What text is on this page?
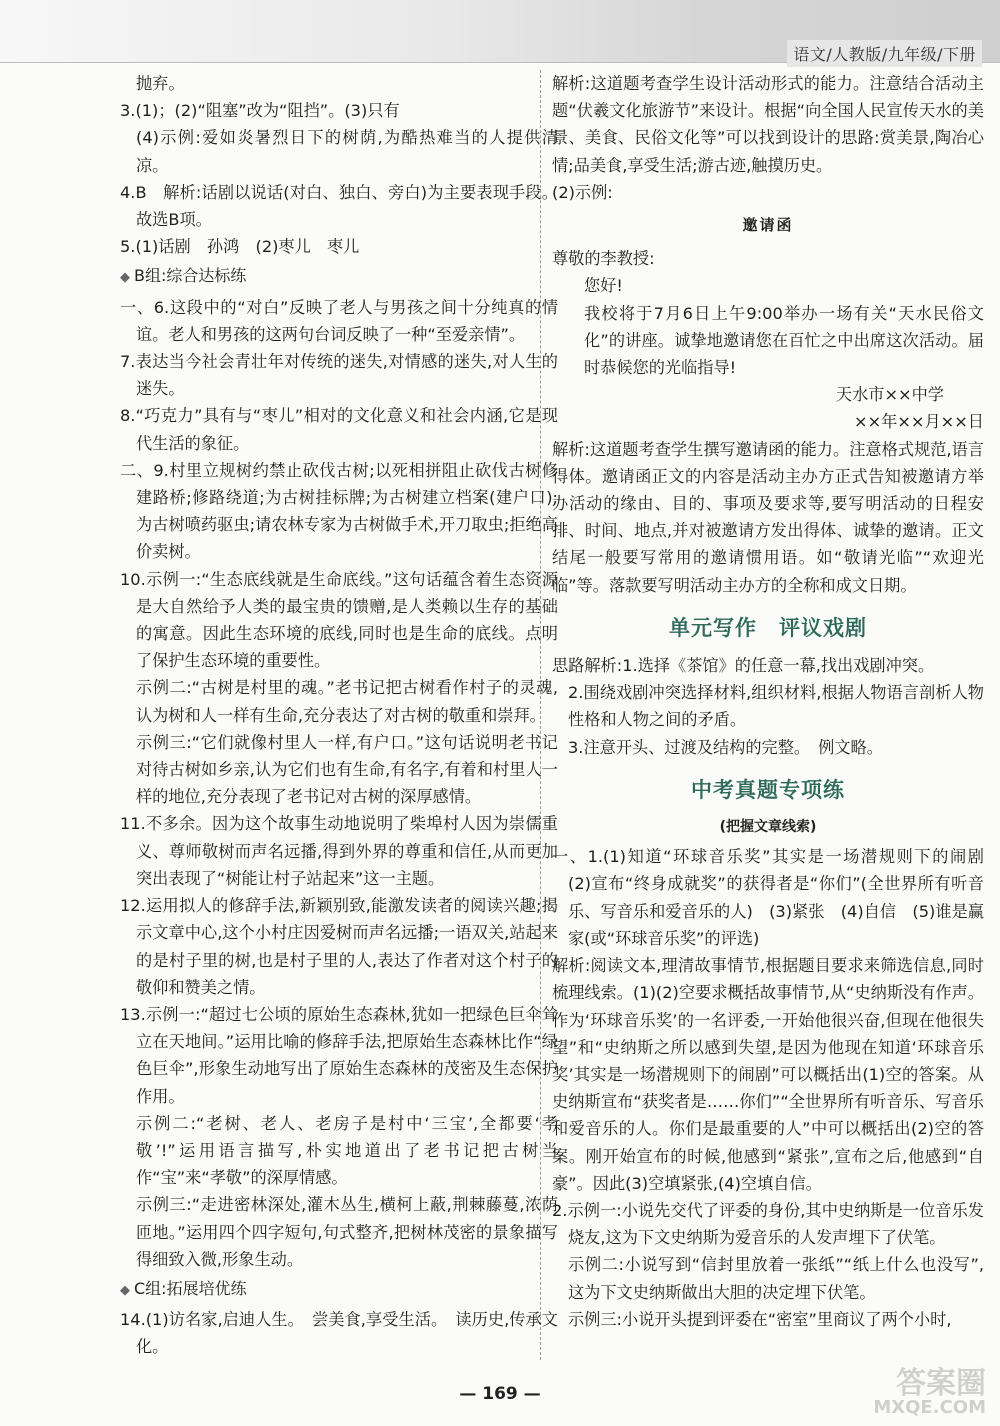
语文/人教版/九年级/下册

抛弃。

3.(1)；(2)“阻塞”改为“阻挡”。(3)只有

(4)示例:爱如炎暑烈日下的树荫,为酷热难当的人提供清凉。

4.B　解析:话剧以说话(对白、独白、旁白)为主要表现手段。故选B项。

5.(1)话剧　孙鸿　(2)枣儿　枣儿

◆ B组:综合达标练

一、6.这段中的“对白”反映了老人与男孩之间十分纯真的情谊。老人和男孩的这两句台词反映了一种“至爱亲情”。

7.表达当今社会青壮年对传统的迷失,对情感的迷失,对人生的迷失。

8.“巧克力”具有与“枣儿”相对的文化意义和社会内涵,它是现代生活的象征。

二、9.村里立规树约禁止砍伐古树;以死相拼阻止砍伐古树修建路桥;修路绕道;为古树挂标牌;为古树建立档案(建户口);为古树喷药驱虫;请农林专家为古树做手术,开刀取虫;拒绝高价卖树。

10.示例一:“生态底线就是生命底线。”这句话蕴含着生态资源是大自然给予人类的最宝贵的馈赠,是人类赖以生存的基础的寓意。因此生态环境的底线,同时也是生命的底线。点明了保护生态环境的重要性。

示例二:“古树是村里的魂。”老书记把古树看作村子的灵魂,认为树和人一样有生命,充分表达了对古树的敬重和崇拜。

示例三:“它们就像村里人一样,有户口。”这句话说明老书记对待古树如乡亲,认为它们也有生命,有名字,有着和村里人一样的地位,充分表现了老书记对古树的深厚感情。

11.不多余。因为这个故事生动地说明了柴埠村人因为崇儒重义、尊师敬树而声名远播,得到外界的尊重和信任,从而更加突出表现了“树能让村子站起来”这一主题。

12.运用拟人的修辞手法,新颖别致,能激发读者的阅读兴趣;揭示文章中心,这个小村庄因爱树而声名远播;一语双关,站起来的是村子里的树,也是村子里的人,表达了作者对这个村子的敬仰和赞美之情。

13.示例一:“超过七公顷的原始生态森林,犹如一把绿色巨伞耸立在天地间。”运用比喻的修辞手法,把原始生态森林比作“绿色巨伞”,形象生动地写出了原始生态森林的茂密及生态保护作用。

示例二:“老树、老人、老房子是村中‘三宝’,全都要‘孝敬’!”运用语言描写,朴实地道出了老书记把古树当作“宝”来“孝敬”的深厚情感。

示例三:“走进密林深处,灌木丛生,横柯上蔽,荆棘藤蔓,浓荫匝地。”运用四个四字短句,句式整齐,把树林茂密的景象描写得细致入微,形象生动。

◆ C组:拓展培优练

14.(1)访名家,启迪人生。　尝美食,享受生活。　读历史,传承文化。

解析:这道题考查学生设计活动形式的能力。注意结合活动主题“伏羲文化旅游节”来设计。根据“向全国人民宣传天水的美景、美食、民俗文化等”可以找到设计的思路:赏美景,陶冶心情;品美食,享受生活;游古迹,触摸历史。

(2)示例:

邀请函

尊敬的李教授:

您好!

我校将于7月6日上午9:00举办一场有关“天水民俗文化”的讲座。诚挚地邀请您在百忙之中出席这次活动。届时恭候您的光临指导!

天水市××中学

××年××月××日

解析:这道题考查学生撰写邀请函的能力。注意格式规范,语言得体。邀请函正文的内容是活动主办方正式告知被邀请方举办活动的缘由、目的、事项及要求等,要写明活动的日程安排、时间、地点,并对被邀请方发出得体、诚挚的邀请。正文结尾一般要写常用的邀请惯用语。如“敬请光临”“欢迎光临”等。落款要写明活动主办方的全称和成文日期。

单元写作　评议戏剧

思路解析:1.选择《茶馆》的任意一幕,找出戏剧冲突。

2.围绕戏剧冲突选择材料,组织材料,根据人物语言剖析人物性格和人物之间的矛盾。

3.注意开头、过渡及结构的完整。　例文略。

中考真题专项练
(把握文章线索)

一、1.(1)知道“环球音乐奖”其实是一场潜规则下的闹剧　(2)宣布“终身成就奖”的获得者是“你们”(全世界所有听音乐、写音乐和爱音乐的人)　(3)紧张　(4)自信　(5)谁是赢家(或“环球音乐奖”的评选)

解析:阅读文本,理清故事情节,根据题目要求来筛选信息,同时梳理线索。(1)(2)空要求概括故事情节,从“史纳斯没有作声。作为‘环球音乐奖’的一名评委,一开始他很兴奋,但现在他很失望”和“史纳斯之所以感到失望,是因为他现在知道‘环球音乐奖’其实是一场潜规则下的闹剧”可以概括出(1)空的答案。从史纳斯宣布“获奖者是……你们”“全世界所有听音乐、写音乐和爱音乐的人。你们是最重要的人”中可以概括出(2)空的答案。刚开始宣布的时候,他感到“紧张”,宣布之后,他感到“自豪”。因此(3)空填紧张,(4)空填自信。

2.示例一:小说先交代了评委的身份,其中史纳斯是一位音乐发烧友,这为下文史纳斯为爱音乐的人发声埋下了伏笔。

示例二:小说写到“信封里放着一张纸”“纸上什么也没写”,这为下文史纳斯做出大胆的决定埋下伏笔。

示例三:小说开头提到评委在“密室”里商议了两个小时,

— 169 —	答案圈
MXQE.COM
